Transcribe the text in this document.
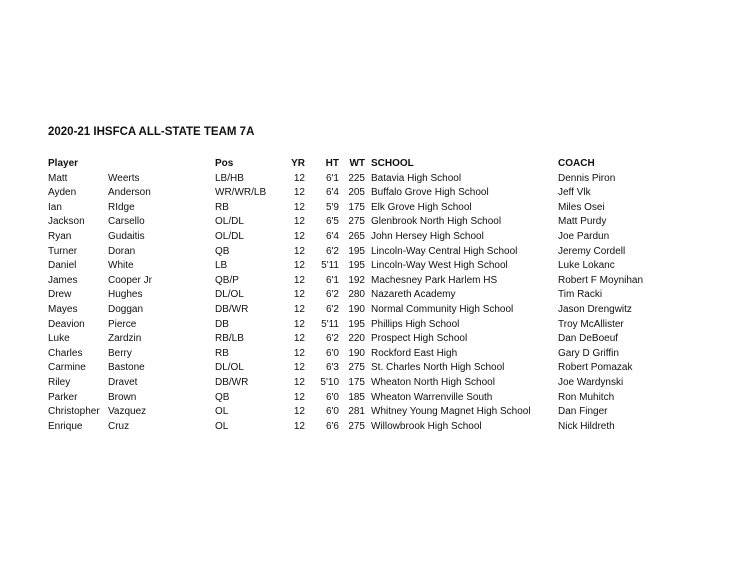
2020-21 IHSFCA ALL-STATE TEAM 7A
Player		Pos	YR	HT	WT		SCHOOL	COACH
Matt	Weerts	LB/HB	12	6'1	225		Batavia High School	Dennis Piron
Ayden	Anderson	WR/WR/LB	12	6'4	205		Buffalo Grove High School	Jeff Vlk
Ian	RIdge	RB	12	5'9	175		Elk Grove High School	Miles Osei
Jackson	Carsello	OL/DL	12	6'5	275		Glenbrook North High School	Matt Purdy
Ryan	Gudaitis	OL/DL	12	6'4	265		John Hersey High School	Joe Pardun
Turner	Doran	QB	12	6'2	195		Lincoln-Way Central High School	Jeremy Cordell
Daniel	White	LB	12	5'11	195		Lincoln-Way West High School	Luke Lokanc
James	Cooper Jr	QB/P	12	6'1	192		Machesney Park Harlem HS	Robert F Moynihan
Drew	Hughes	DL/OL	12	6'2	280		Nazareth Academy	Tim Racki
Mayes	Doggan	DB/WR	12	6'2	190		Normal Community High School	Jason Drengwitz
Deavion	Pierce	DB	12	5'11	195		Phillips High School	Troy McAllister
Luke	Zardzin	RB/LB	12	6'2	220		Prospect High School	Dan DeBoeuf
Charles	Berry	RB	12	6'0	190		Rockford East High	Gary D Griffin
Carmine	Bastone	DL/OL	12	6'3	275		St. Charles North High School	Robert Pomazak
Riley	Dravet	DB/WR	12	5'10	175		Wheaton North High School	Joe Wardynski
Parker	Brown	QB	12	6'0	185		Wheaton Warrenville South	Ron Muhitch
Christopher	Vazquez	OL	12	6'0	281		Whitney Young Magnet High School	Dan Finger
Enrique	Cruz	OL	12	6'6	275		Willowbrook High School	Nick Hildreth
